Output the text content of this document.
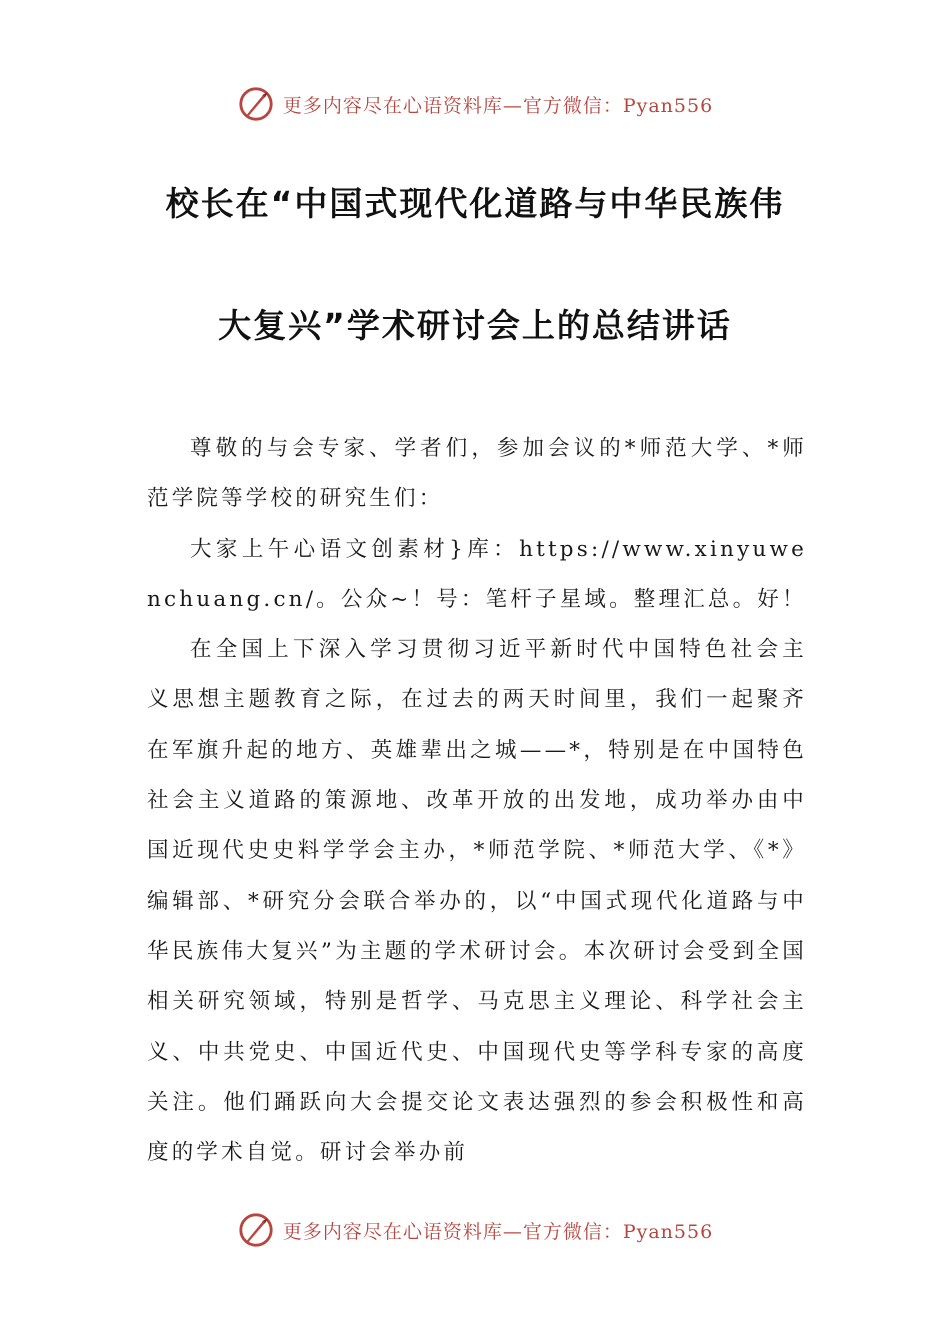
更多内容尽在心语资料库—官方微信：Pyan556
校长在“中国式现代化道路与中华民族伟
大复兴”学术研讨会上的总结讲话

尊敬的与会专家、学者们，参加会议的*师范大学、*师范学院等学校的研究生们：

大家上午心语文创素材}库：https://www.xinyuwenchuang.cn/。公众~！号：笔杆子星域。整理汇总。好！

在全国上下深入学习贯彻习近平新时代中国特色社会主义思想主题教育之际，在过去的两天时间里，我们一起聚齐在军旗升起的地方、英雄辈出之城——*，特别是在中国特色社会主义道路的策源地、改革开放的出发地，成功举办由中国近现代史史料学学会主办，*师范学院、*师范大学、《*》编辑部、*研究分会联合举办的，以“中国式现代化道路与中华民族伟大复兴”为主题的学术研讨会。本次研讨会受到全国相关研究领域，特别是哲学、马克思主义理论、科学社会主义、中共党史、中国近代史、中国现代史等学科专家的高度关注。他们踊跃向大会提交论文表达强烈的参会积极性和高度的学术自觉。研讨会举办前

更多内容尽在心语资料库—官方微信：Pyan556
